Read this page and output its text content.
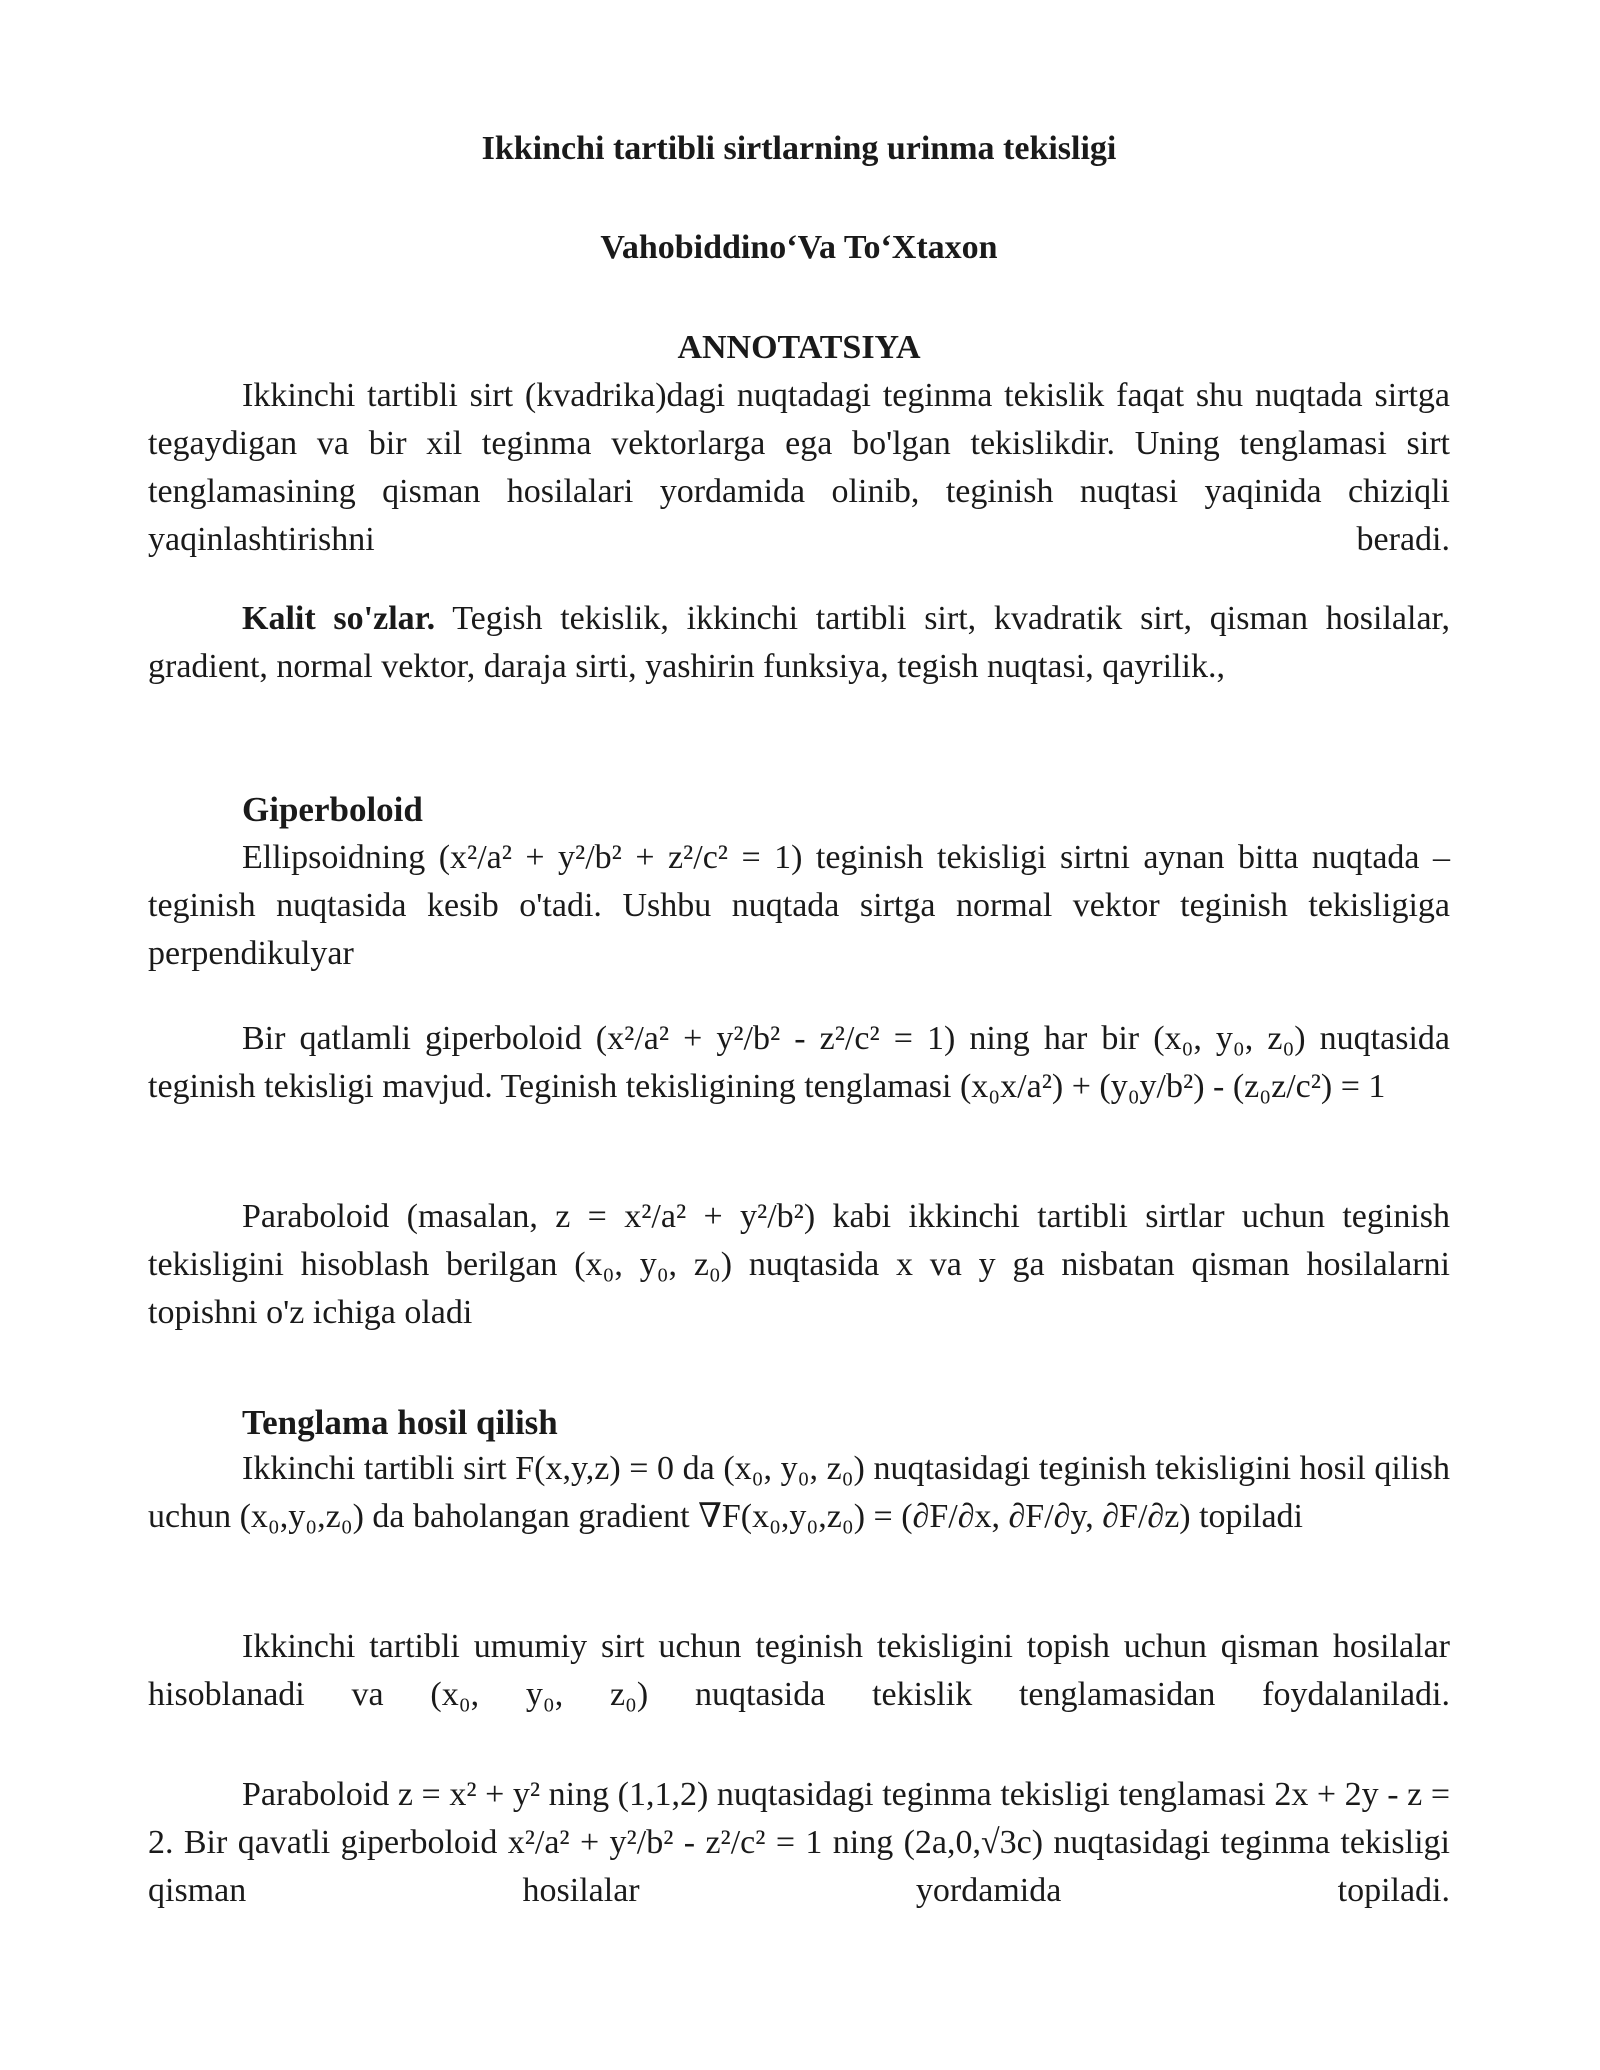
Ikkinchi tartibli sirtlarning urinma tekisligi
Vahobiddino‘Va To‘Xtaxon
ANNOTATSIYA

Ikkinchi tartibli sirt (kvadrika)dagi nuqtadagi teginma tekislik faqat shu nuqtada sirtga tegaydigan va bir xil teginma vektorlarga ega bo'lgan tekislikdir. Uning tenglamasi sirt tenglamasining qisman hosilalari yordamida olinib, teginish nuqtasi yaqinida chiziqli yaqinlashtirishni beradi.

Kalit so'zlar. Tegish tekislik, ikkinchi tartibli sirt, kvadratik sirt, qisman hosilalar, gradient, normal vektor, daraja sirti, yashirin funksiya, tegish nuqtasi, qayrilik.,

Giperboloid

Ellipsoidning (x²/a² + y²/b² + z²/c² = 1) teginish tekisligi sirtni aynan bitta nuqtada – teginish nuqtasida kesib o'tadi. Ushbu nuqtada sirtga normal vektor teginish tekisligiga perpendikulyar

Bir qatlamli giperboloid (x²/a² + y²/b² - z²/c² = 1) ning har bir (x₀, y₀, z₀) nuqtasida teginish tekisligi mavjud. Teginish tekisligining tenglamasi (x₀x/a²) + (y₀y/b²) - (z₀z/c²) = 1

Paraboloid (masalan, z = x²/a² + y²/b²) kabi ikkinchi tartibli sirtlar uchun teginish tekisligini hisoblash berilgan (x₀, y₀, z₀) nuqtasida x va y ga nisbatan qisman hosilalarni topishni o'z ichiga oladi

Tenglama hosil qilish

Ikkinchi tartibli sirt F(x,y,z) = 0 da (x₀, y₀, z₀) nuqtasidagi teginish tekisligini hosil qilish uchun (x₀,y₀,z₀) da baholangan gradient ∇F(x₀,y₀,z₀) = (∂F/∂x, ∂F/∂y, ∂F/∂z) topiladi

Ikkinchi tartibli umumiy sirt uchun teginish tekisligini topish uchun qisman hosilalar hisoblanadi va (x₀, y₀, z₀) nuqtasida tekislik tenglamasidan foydalaniladi.

Paraboloid z = x² + y² ning (1,1,2) nuqtasidagi teginma tekisligi tenglamasi 2x + 2y - z = 2. Bir qavatli giperboloid x²/a² + y²/b² - z²/c² = 1 ning (2a,0,√3c) nuqtasidagi teginma tekisligi qisman hosilalar yordamida topiladi.
